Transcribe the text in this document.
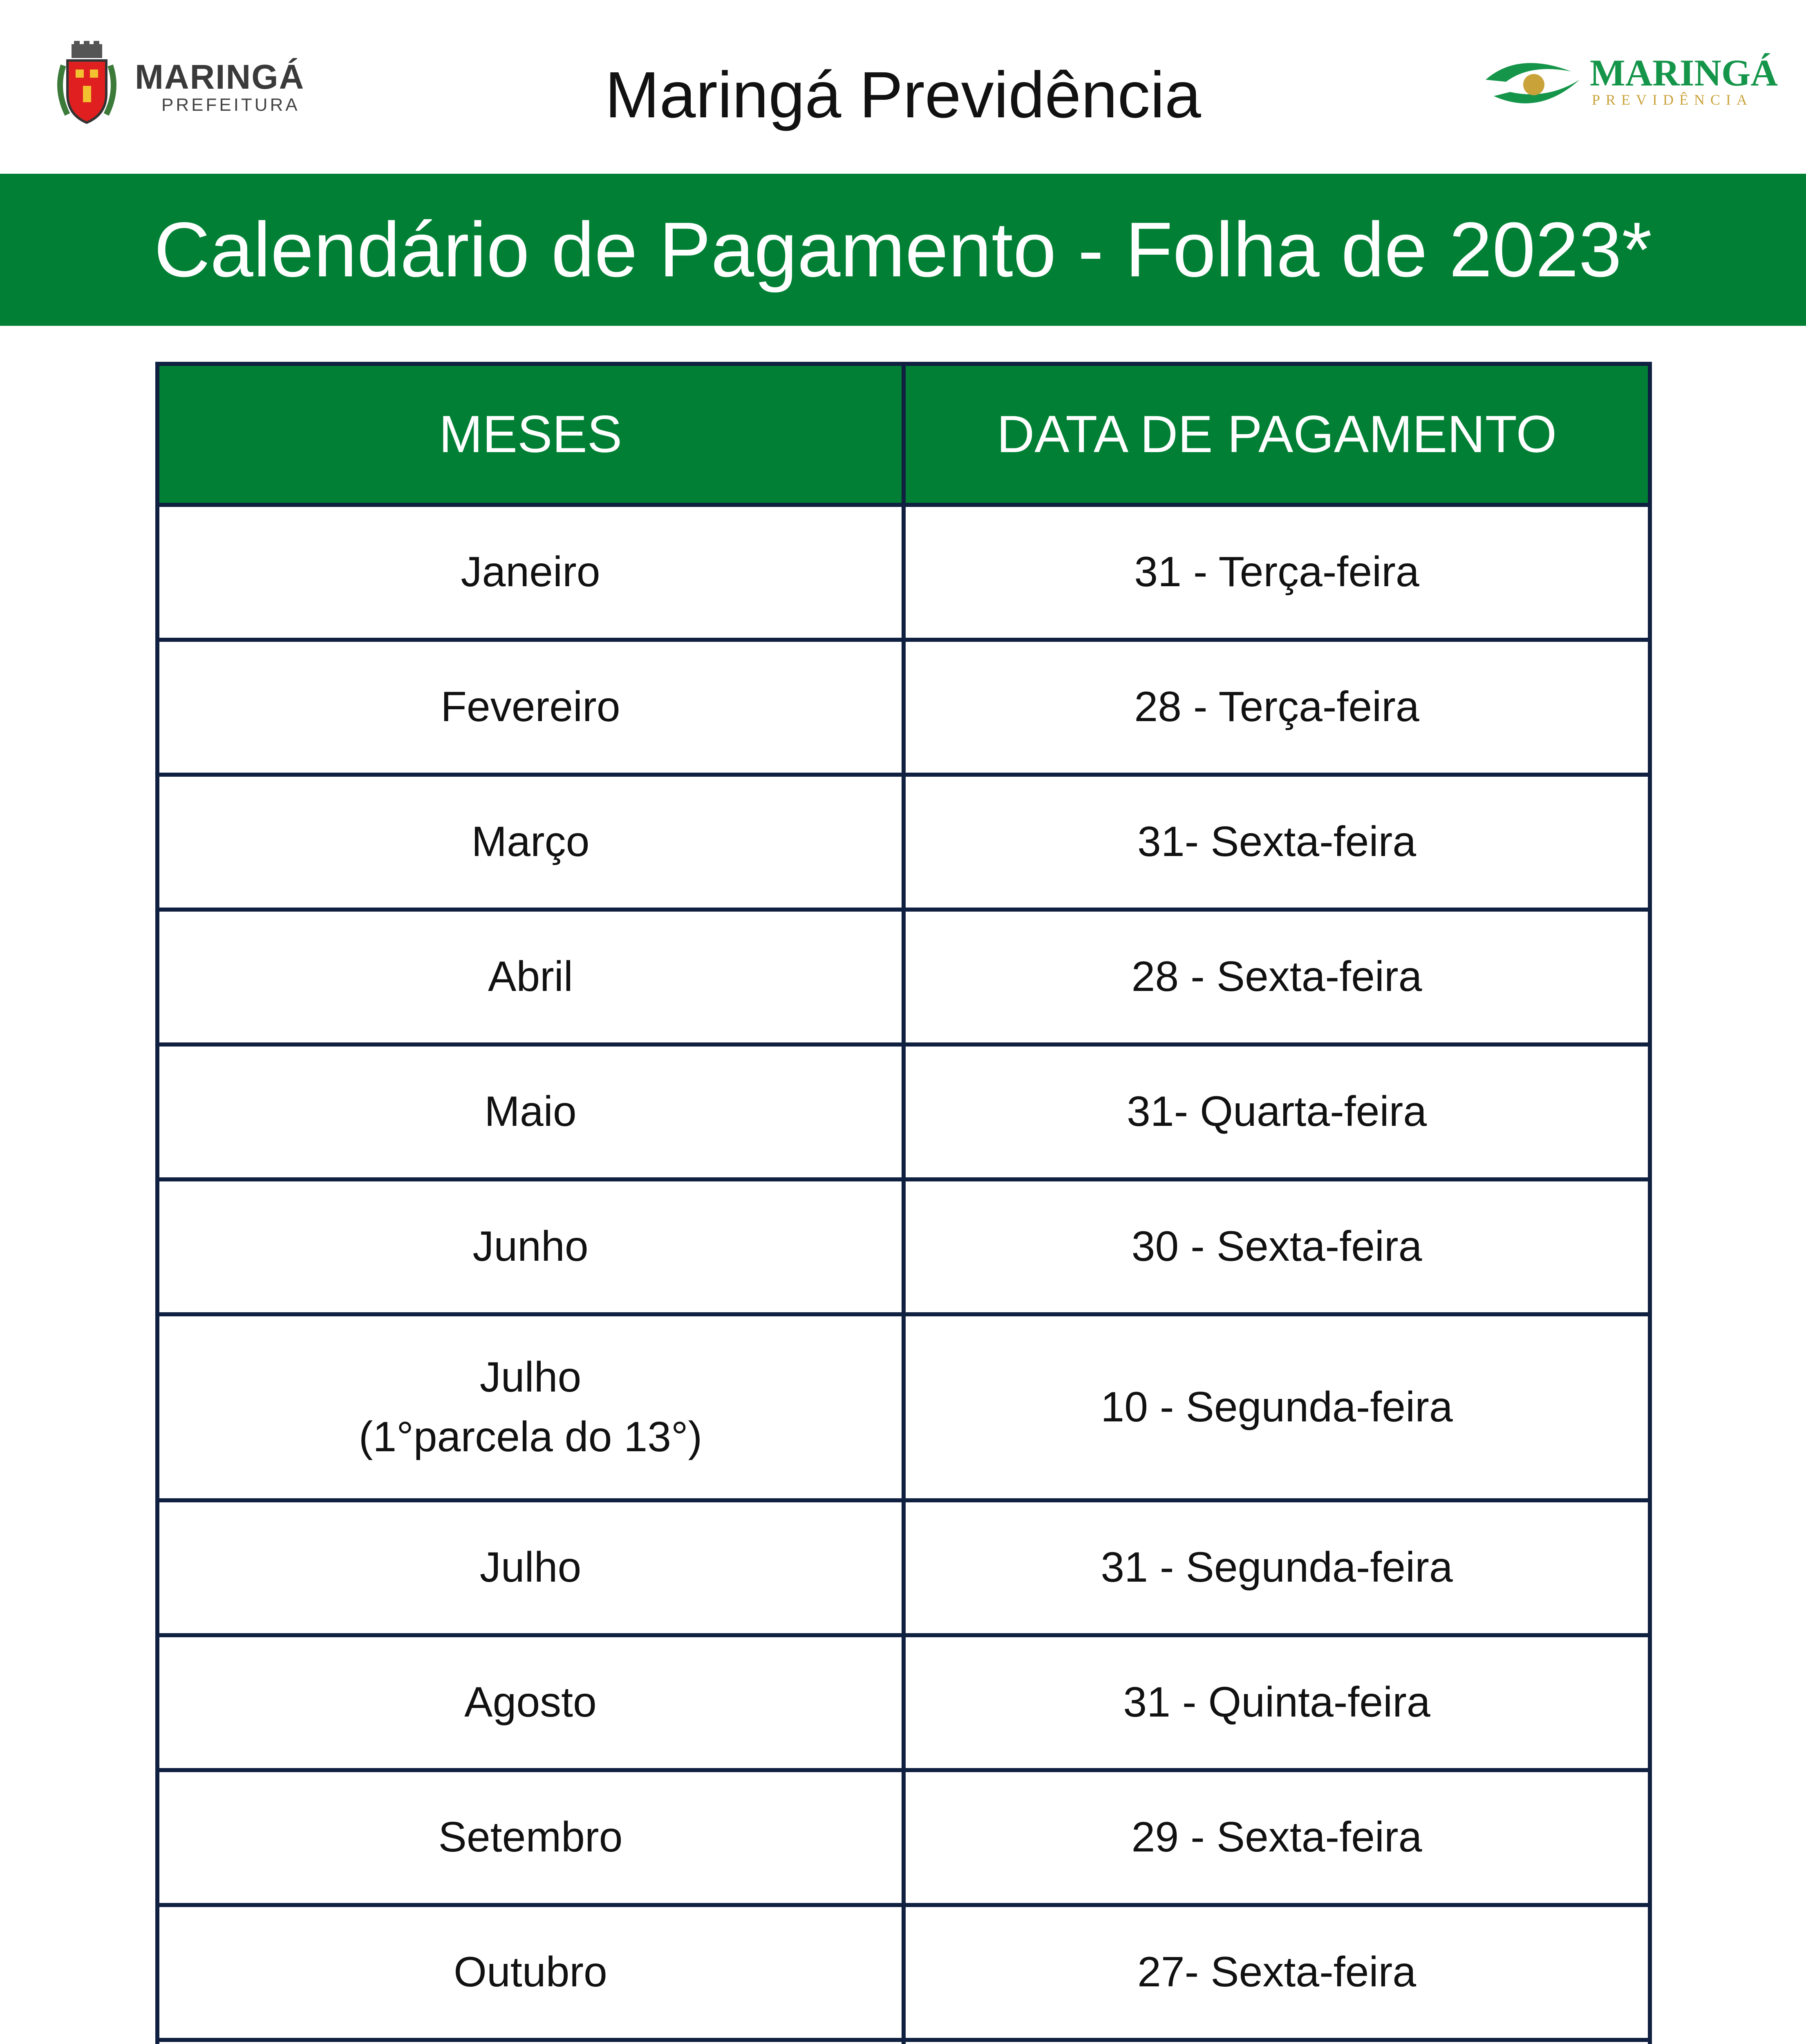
MARINGÁ
PREFEITURA	Maringá Previdência	MARINGÁ
PREVIDÊNCIA
Calendário de Pagamento - Folha de 2023*
MESES	DATA DE PAGAMENTO

Janeiro	31 - Terça-feira

Fevereiro	28 - Terça-feira

Março	31- Sexta-feira

Abril	28 - Sexta-feira

Maio	31- Quarta-feira

Junho	30 - Sexta-feira

Julho
(1°parcela do 13°)	10 - Segunda-feira

Julho	31 - Segunda-feira

Agosto	31 - Quinta-feira

Setembro	29 - Sexta-feira

Outubro	27- Sexta-feira
